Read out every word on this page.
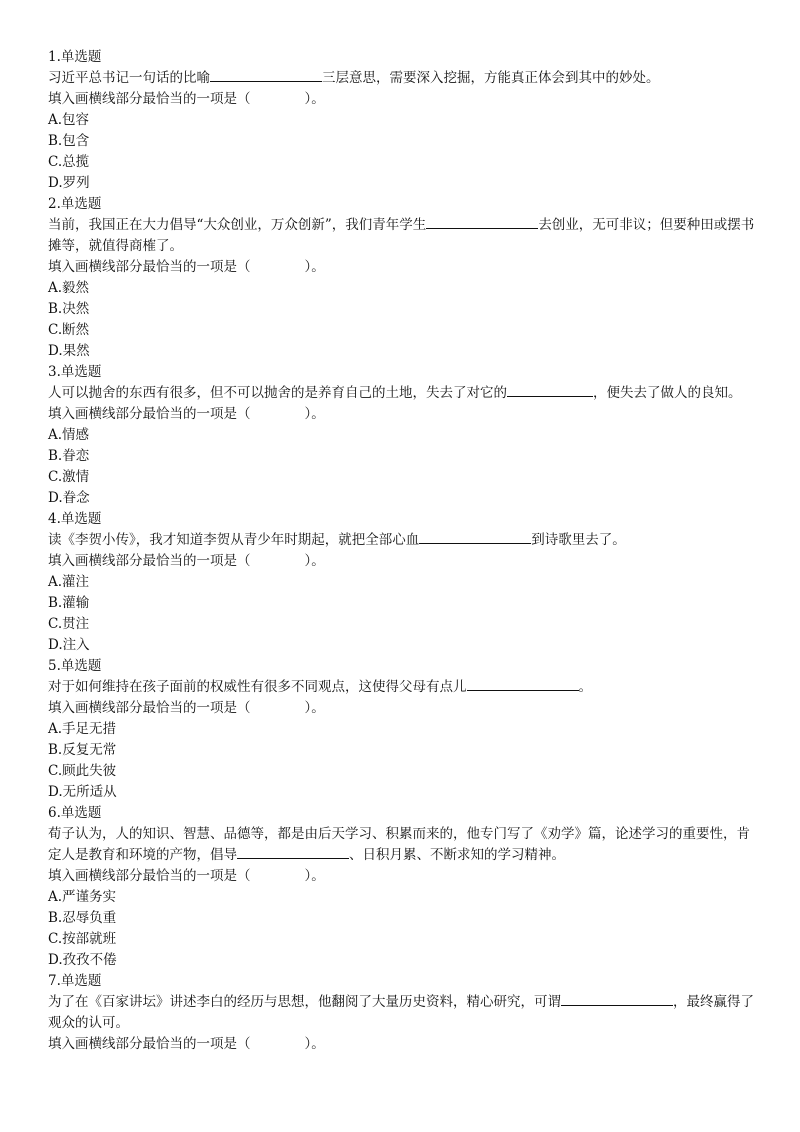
1.单选题

习近平总书记一句话的比喻	三层意思，需要深入挖掘，方能真正体会到其中的妙处。

填入画横线部分最恰当的一项是（　　　　）。

A.包容

B.包含

C.总揽

D.罗列

2.单选题

当前，我国正在大力倡导“大众创业，万众创新”，我们青年学生	去创业，无可非议；但要种田或摆书摊等，就值得商榷了。

填入画横线部分最恰当的一项是（　　　　）。

A.毅然

B.决然

C.断然

D.果然

3.单选题

人可以抛舍的东西有很多，但不可以抛舍的是养育自己的土地，失去了对它的	，便失去了做人的良知。

填入画横线部分最恰当的一项是（　　　　）。

A.情感

B.眷恋

C.激情

D.眷念

4.单选题

读《李贺小传》，我才知道李贺从青少年时期起，就把全部心血	到诗歌里去了。

填入画横线部分最恰当的一项是（　　　　）。

A.灌注

B.灌输

C.贯注

D.注入

5.单选题

对于如何维持在孩子面前的权威性有很多不同观点，这使得父母有点儿	。

填入画横线部分最恰当的一项是（　　　　）。

A.手足无措

B.反复无常

C.顾此失彼

D.无所适从

6.单选题

荀子认为，人的知识、智慧、品德等，都是由后天学习、积累而来的，他专门写了《劝学》篇，论述学习的重要性，肯定人是教育和环境的产物，倡导	、日积月累、不断求知的学习精神。

填入画横线部分最恰当的一项是（　　　　）。

A.严谨务实

B.忍辱负重

C.按部就班

D.孜孜不倦

7.单选题

为了在《百家讲坛》讲述李白的经历与思想，他翻阅了大量历史资料，精心研究，可谓	，最终赢得了观众的认可。

填入画横线部分最恰当的一项是（　　　　）。
